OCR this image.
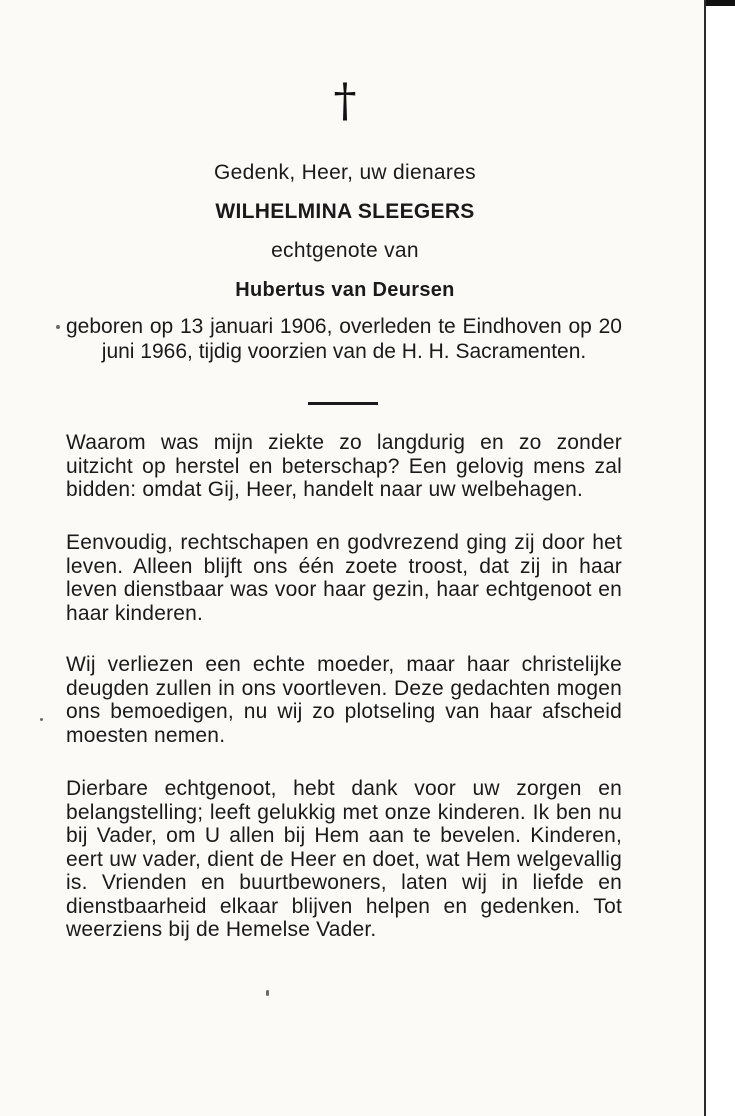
†
Gedenk, Heer, uw dienares
WILHELMINA SLEEGERS
echtgenote van
Hubertus van Deursen
geboren op 13 januari 1906, overleden te Eindhoven op 20 juni 1966, tijdig voorzien van de H. H. Sacramenten.
Waarom was mijn ziekte zo langdurig en zo zonder uitzicht op herstel en beterschap? Een gelovig mens zal bidden: omdat Gij, Heer, handelt naar uw welbehagen.
Eenvoudig, rechtschapen en godvrezend ging zij door het leven. Alleen blijft ons één zoete troost, dat zij in haar leven dienstbaar was voor haar gezin, haar echtgenoot en haar kinderen.
Wij verliezen een echte moeder, maar haar christelijke deugden zullen in ons voortleven. Deze gedachten mogen ons bemoedigen, nu wij zo plotseling van haar afscheid moesten nemen.
Dierbare echtgenoot, hebt dank voor uw zorgen en belangstelling; leeft gelukkig met onze kinderen. Ik ben nu bij Vader, om U allen bij Hem aan te bevelen. Kinderen, eert uw vader, dient de Heer en doet, wat Hem welgevallig is. Vrienden en buurtbewoners, laten wij in liefde en dienstbaarheid elkaar blijven helpen en gedenken. Tot weerziens bij de Hemelse Vader.
